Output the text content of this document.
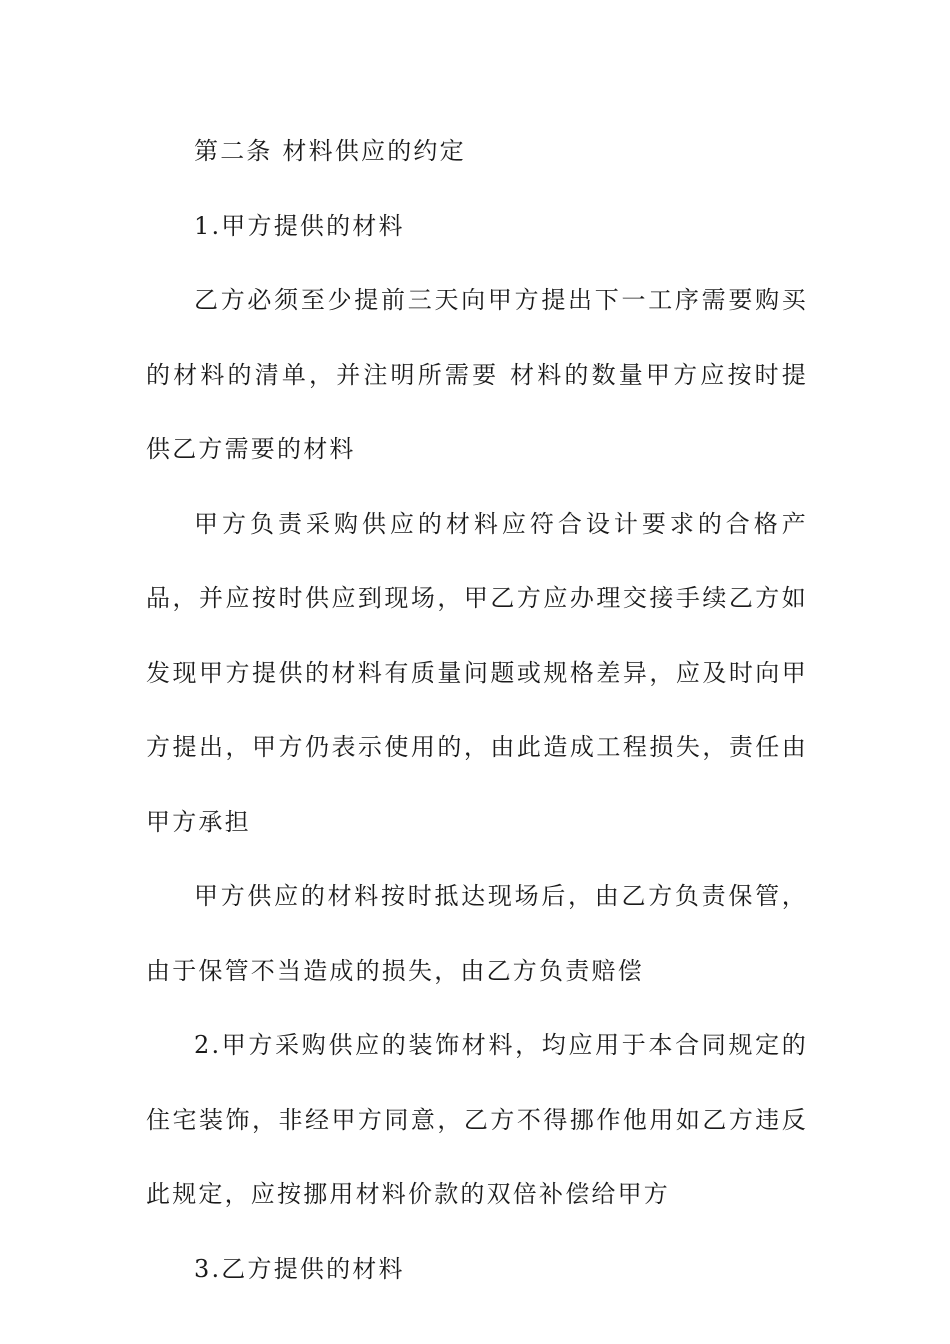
第二条 材料供应的约定

1.甲方提供的材料

乙方必须至少提前三天向甲方提出下一工序需要购买的材料的清单，并注明所需要 材料的数量甲方应按时提供乙方需要的材料

甲方负责采购供应的材料应符合设计要求的合格产品，并应按时供应到现场，甲乙方应办理交接手续乙方如发现甲方提供的材料有质量问题或规格差异，应及时向甲方提出，甲方仍表示使用的，由此造成工程损失，责任由甲方承担

甲方供应的材料按时抵达现场后，由乙方负责保管，由于保管不当造成的损失，由乙方负责赔偿

2.甲方采购供应的装饰材料，均应用于本合同规定的住宅装饰，非经甲方同意，乙方不得挪作他用如乙方违反此规定，应按挪用材料价款的双倍补偿给甲方

3.乙方提供的材料
